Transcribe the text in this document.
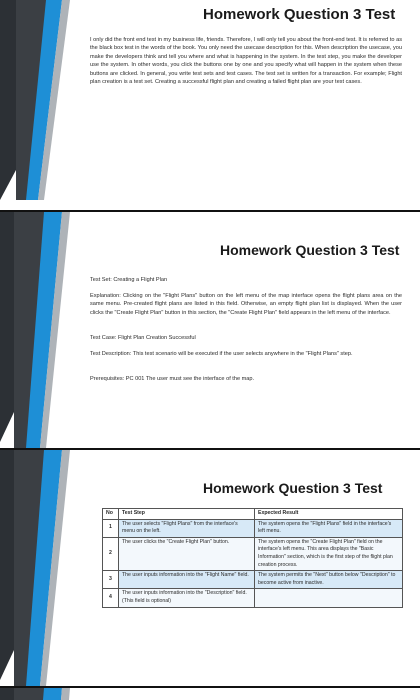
Homework Question 3 Test

I only did the front end test in my business life, friends. Therefore, I will only tell you about the front-end test. It is referred to as the black box test in the words of the book. You only need the usecase description for this. When description the usecase, you make the developers think and tell you where and what is happening in the system. In the test step, you make the developer use the system. In other words, you click the buttons one by one and you specify what will happen in the system when these buttons are clicked. In general, you write test sets and test cases. The test set is written for a transaction. For example; Flight plan creation is a test set. Creating a successful flight plan and creating a failed flight plan are your test cases.

Homework Question 3 Test

Test Set: Creating a Flight Plan

Explanation: Clicking on the "Flight Plans" button on the left menu of the map interface opens the flight plans area on the same menu. Pre-created flight plans are listed in this field. Otherwise, an empty flight plan list is displayed. When the user clicks the "Create Flight Plan" button in this section, the "Create Flight Plan" field appears in the left menu of the interface.

Test Case: Flight Plan Creation Successful

Test Description: This test scenario will be executed if the user selects anywhere in the "Flight Plans" step.

Prerequisites: PC 001 The user must see the interface of the map.

Homework Question 3 Test
No	Test Step	Expected Result
1	The user selects "Flight Plans" from the interface's menu on the left.	The system opens the "Flight Plans" field in the interface's left menu.
2	The user clicks the "Create Flight Plan" button.	The system opens the "Create Flight Plan" field on the interface's left menu. This area displays the "Basic Information" section, which is the first step of the flight plan creation process.
3	The user inputs information into the "Flight Name" field.	The system permits the "Next" button below "Description" to become active from inactive.
4	The user inputs information into the "Description" field. (This field is optional)	
